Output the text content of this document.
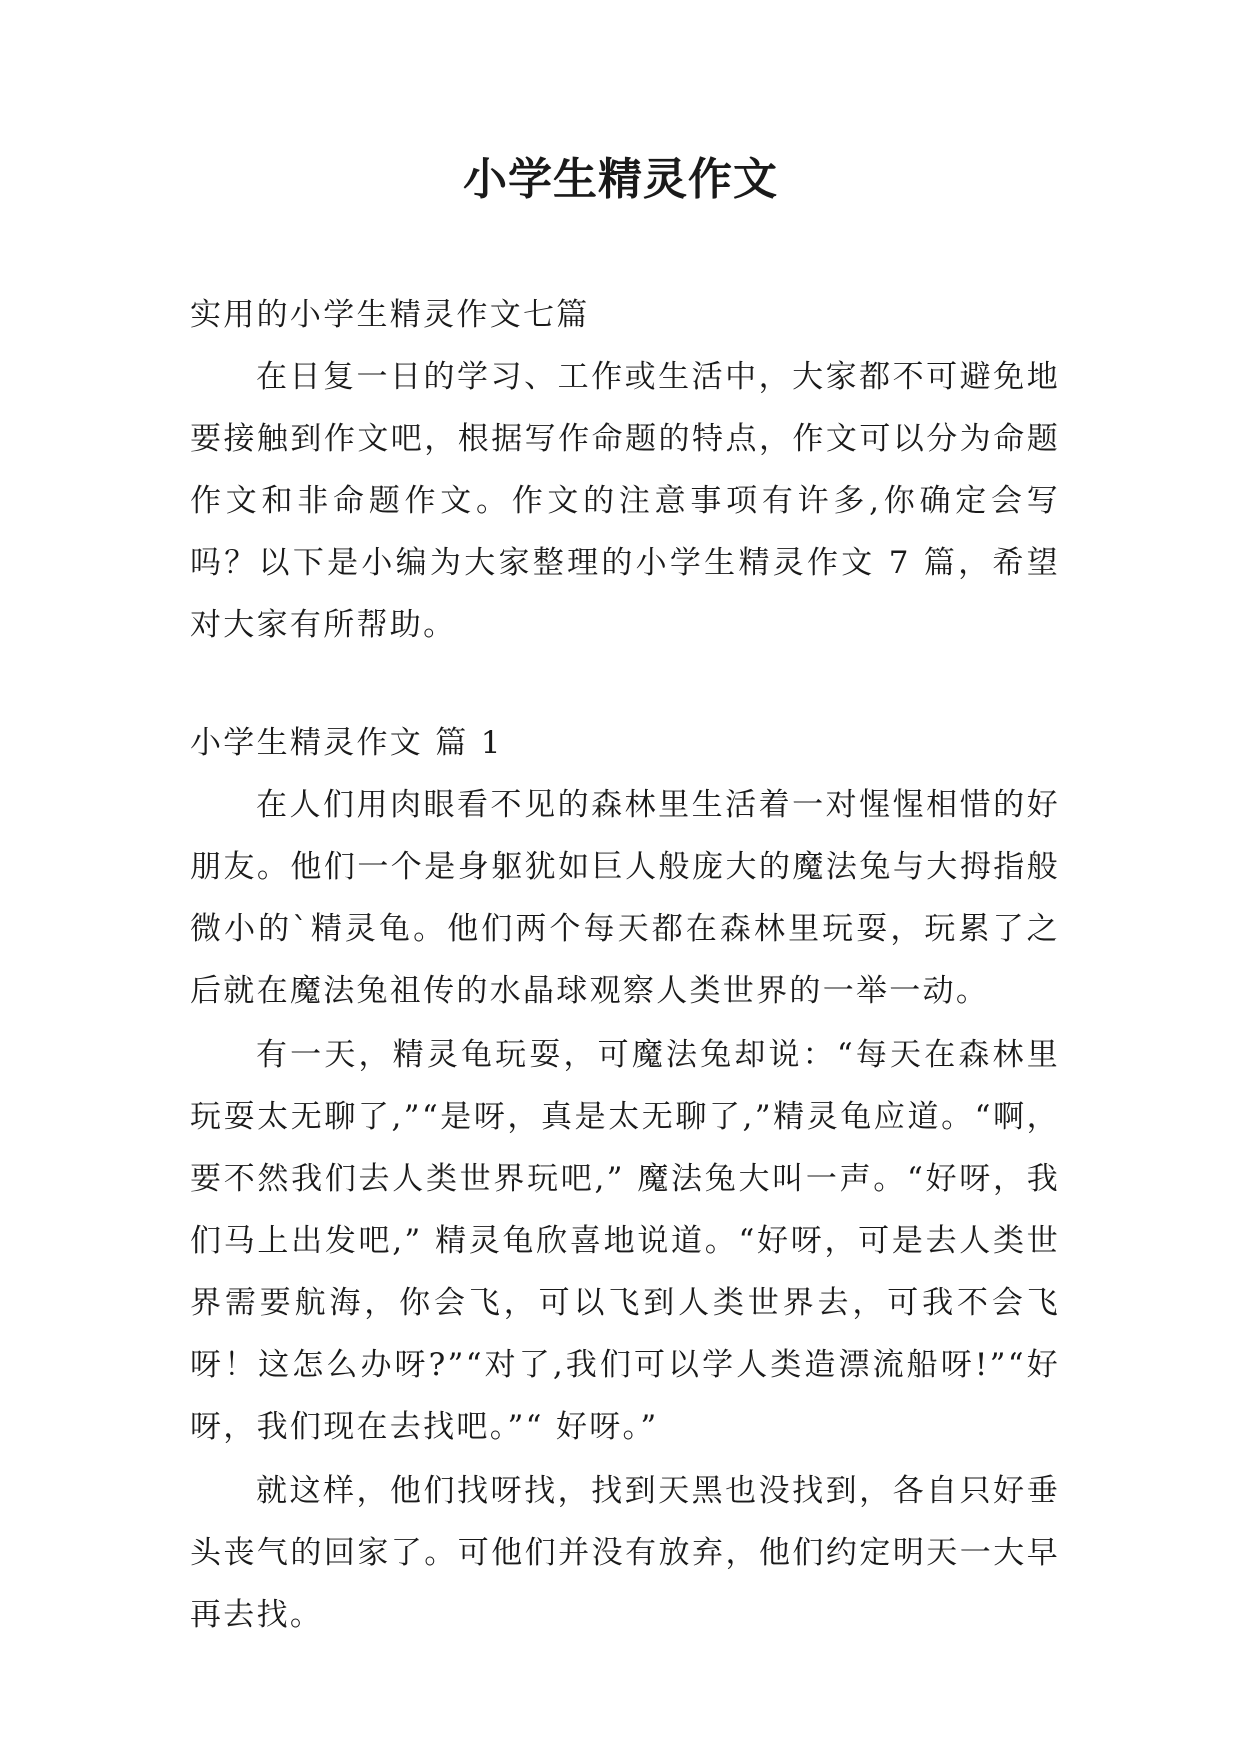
小学生精灵作文

实用的小学生精灵作文七篇

在日复一日的学习、工作或生活中，大家都不可避免地要接触到作文吧，根据写作命题的特点，作文可以分为命题作文和非命题作文。作文的注意事项有许多,你确定会写吗？以下是小编为大家整理的小学生精灵作文 7 篇，希望对大家有所帮助。

小学生精灵作文 篇 1

在人们用肉眼看不见的森林里生活着一对惺惺相惜的好朋友。他们一个是身躯犹如巨人般庞大的魔法兔与大拇指般微小的`精灵龟。他们两个每天都在森林里玩耍，玩累了之后就在魔法兔祖传的水晶球观察人类世界的一举一动。

有一天，精灵龟玩耍，可魔法兔却说：“每天在森林里玩耍太无聊了,”“是呀，真是太无聊了,”精灵龟应道。“啊，要不然我们去人类世界玩吧,” 魔法兔大叫一声。“好呀，我们马上出发吧,” 精灵龟欣喜地说道。“好呀，可是去人类世界需要航海，你会飞，可以飞到人类世界去，可我不会飞呀！这怎么办呀?”“对了,我们可以学人类造漂流船呀!”“好呀，我们现在去找吧。”“ 好呀。”

就这样，他们找呀找，找到天黑也没找到，各自只好垂头丧气的回家了。可他们并没有放弃，他们约定明天一大早再去找。
